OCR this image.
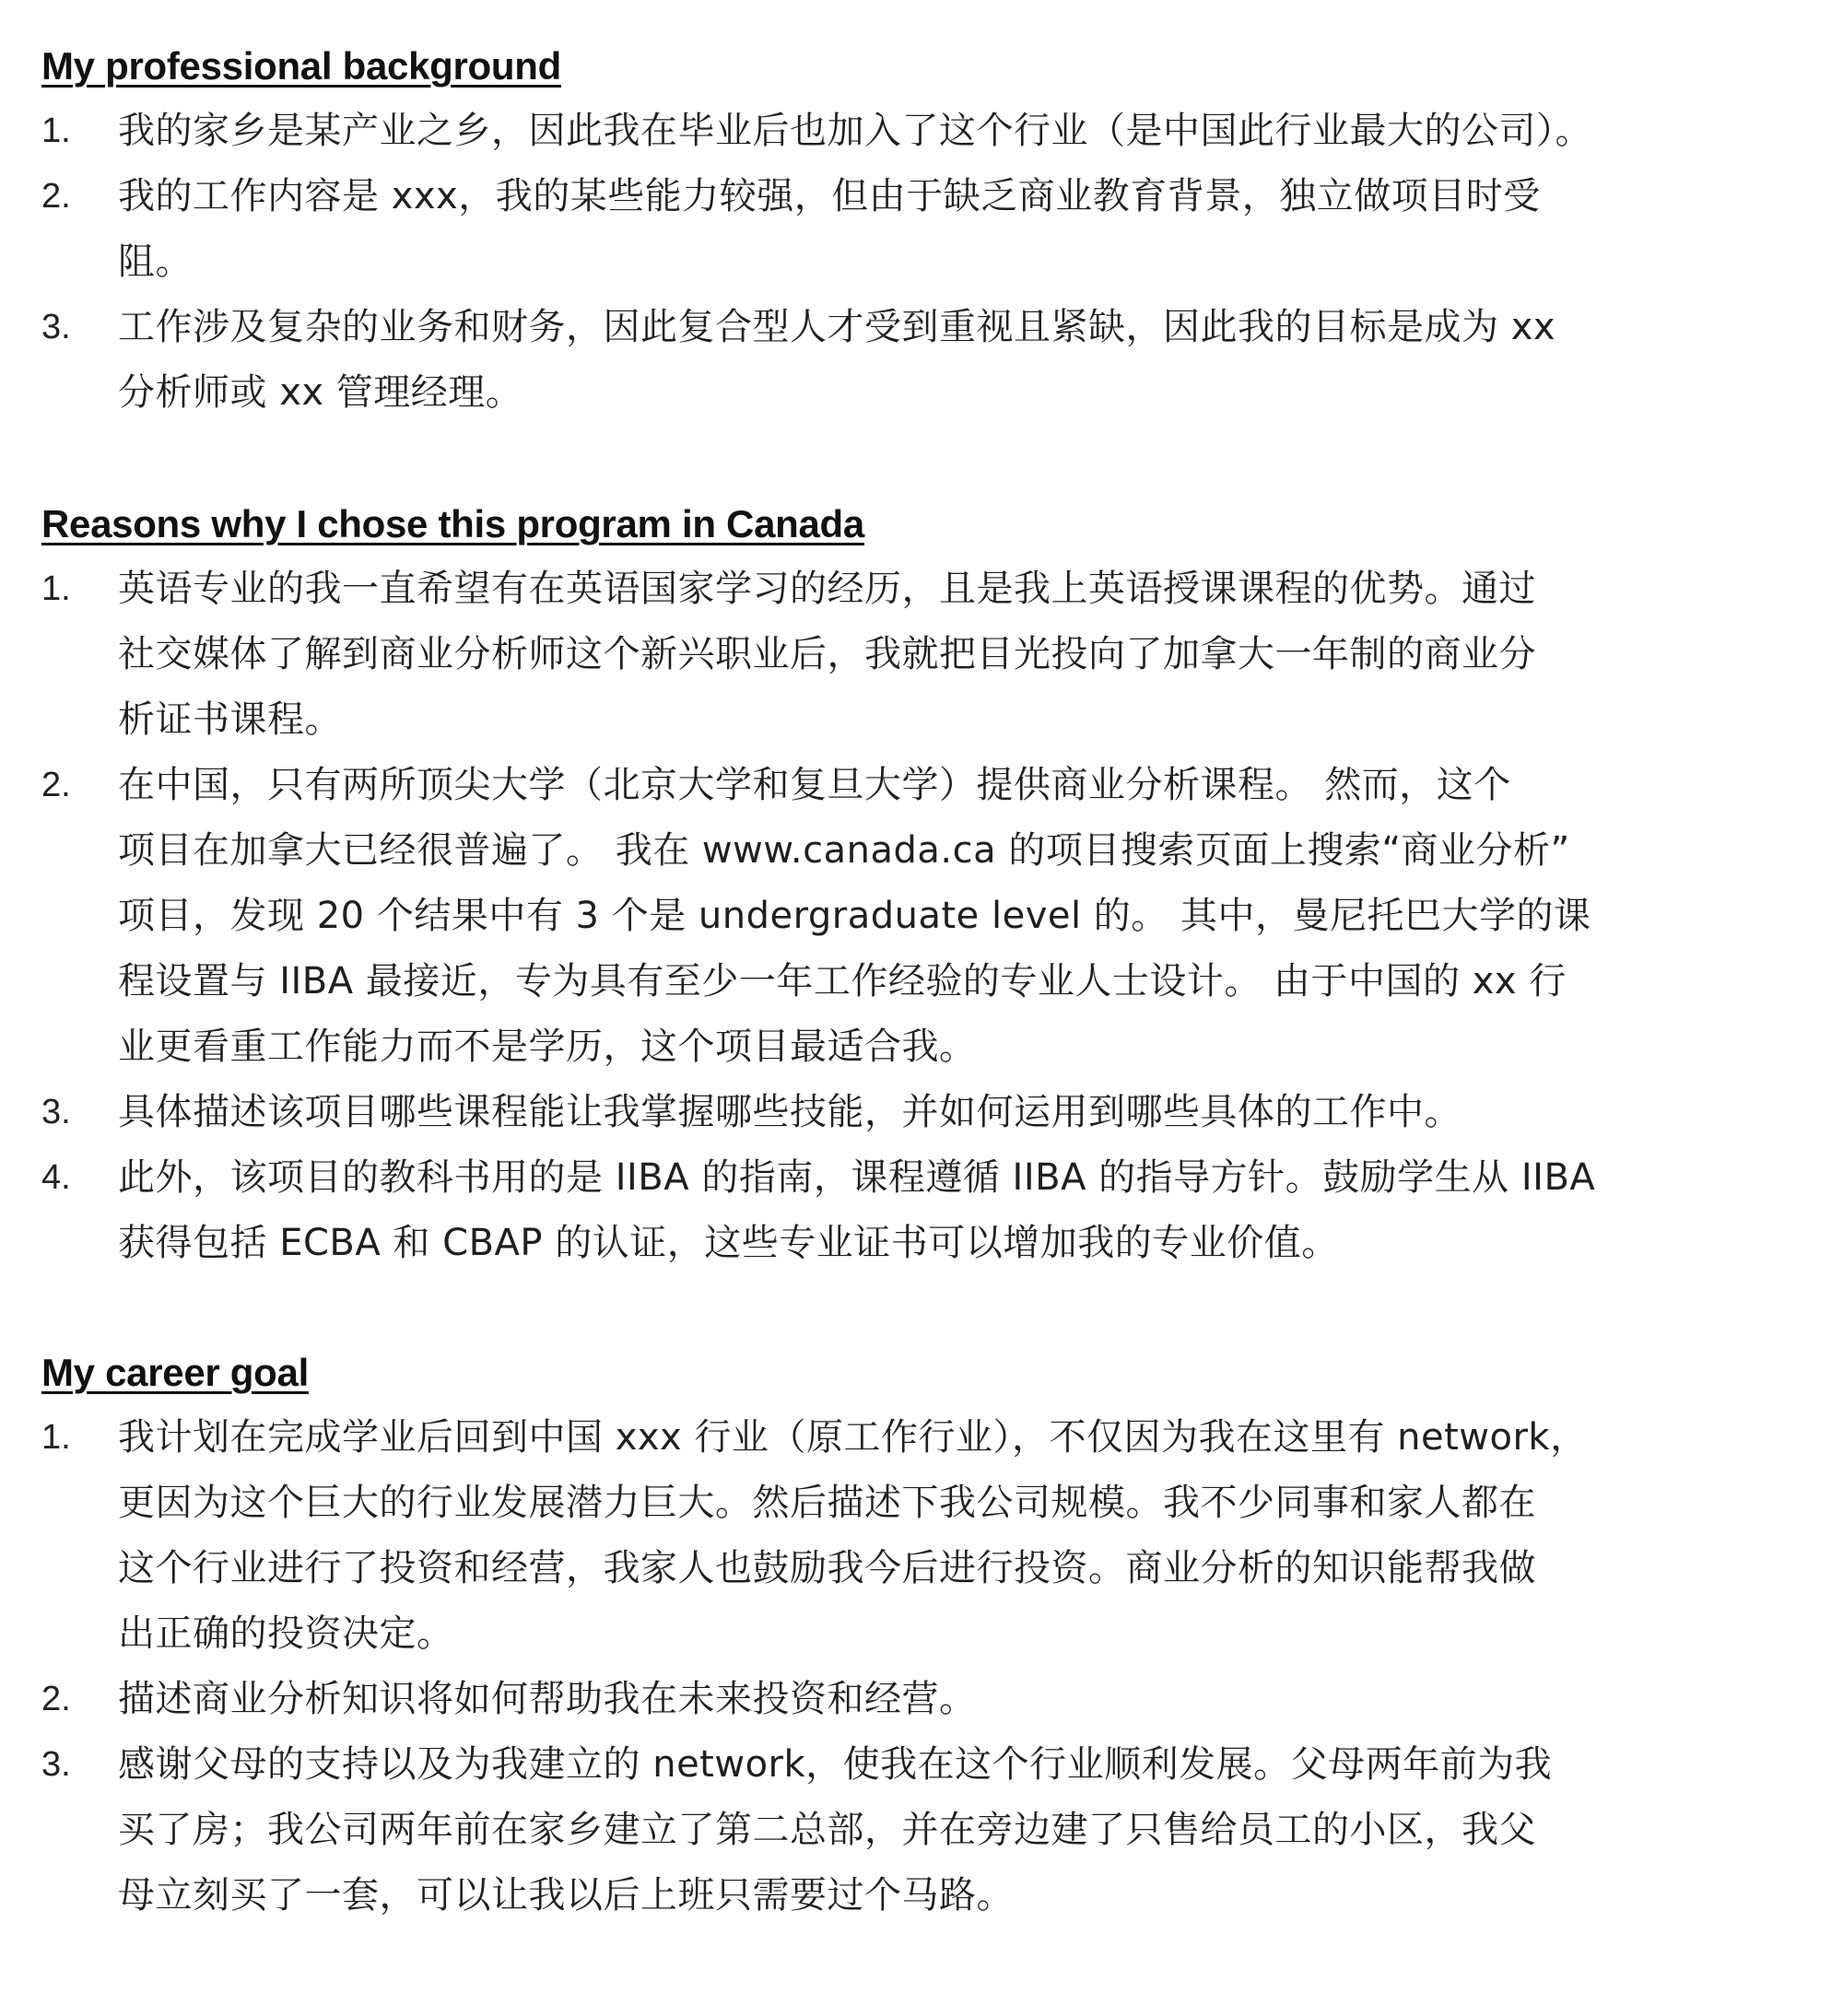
My professional background
1. 我的家乡是某产业之乡，因此我在毕业后也加入了这个行业（是中国此行业最大的公司）。
2. 我的工作内容是 xxx，我的某些能力较强，但由于缺乏商业教育背景，独立做项目时受
阻。
3. 工作涉及复杂的业务和财务，因此复合型人才受到重视且紧缺，因此我的目标是成为 xx
分析师或 xx 管理经理。
Reasons why I chose this program in Canada
1. 英语专业的我一直希望有在英语国家学习的经历，且是我上英语授课课程的优势。通过
社交媒体了解到商业分析师这个新兴职业后，我就把目光投向了加拿大一年制的商业分
析证书课程。
2. 在中国，只有两所顶尖大学（北京大学和复旦大学）提供商业分析课程。 然而，这个
项目在加拿大已经很普遍了。 我在 www.canada.ca 的项目搜索页面上搜索“商业分析”
项目，发现 20 个结果中有 3 个是 undergraduate level 的。 其中，曼尼托巴大学的课
程设置与 IIBA 最接近，专为具有至少一年工作经验的专业人士设计。 由于中国的 xx 行
业更看重工作能力而不是学历，这个项目最适合我。
3. 具体描述该项目哪些课程能让我掌握哪些技能，并如何运用到哪些具体的工作中。
4. 此外，该项目的教科书用的是 IIBA 的指南，课程遵循 IIBA 的指导方针。鼓励学生从 IIBA
获得包括 ECBA 和 CBAP 的认证，这些专业证书可以增加我的专业价值。
My career goal
1. 我计划在完成学业后回到中国 xxx 行业（原工作行业），不仅因为我在这里有 network，
更因为这个巨大的行业发展潜力巨大。然后描述下我公司规模。我不少同事和家人都在
这个行业进行了投资和经营，我家人也鼓励我今后进行投资。商业分析的知识能帮我做
出正确的投资决定。
2. 描述商业分析知识将如何帮助我在未来投资和经营。
3. 感谢父母的支持以及为我建立的 network，使我在这个行业顺利发展。父母两年前为我
买了房；我公司两年前在家乡建立了第二总部，并在旁边建了只售给员工的小区，我父
母立刻买了一套，可以让我以后上班只需要过个马路。
